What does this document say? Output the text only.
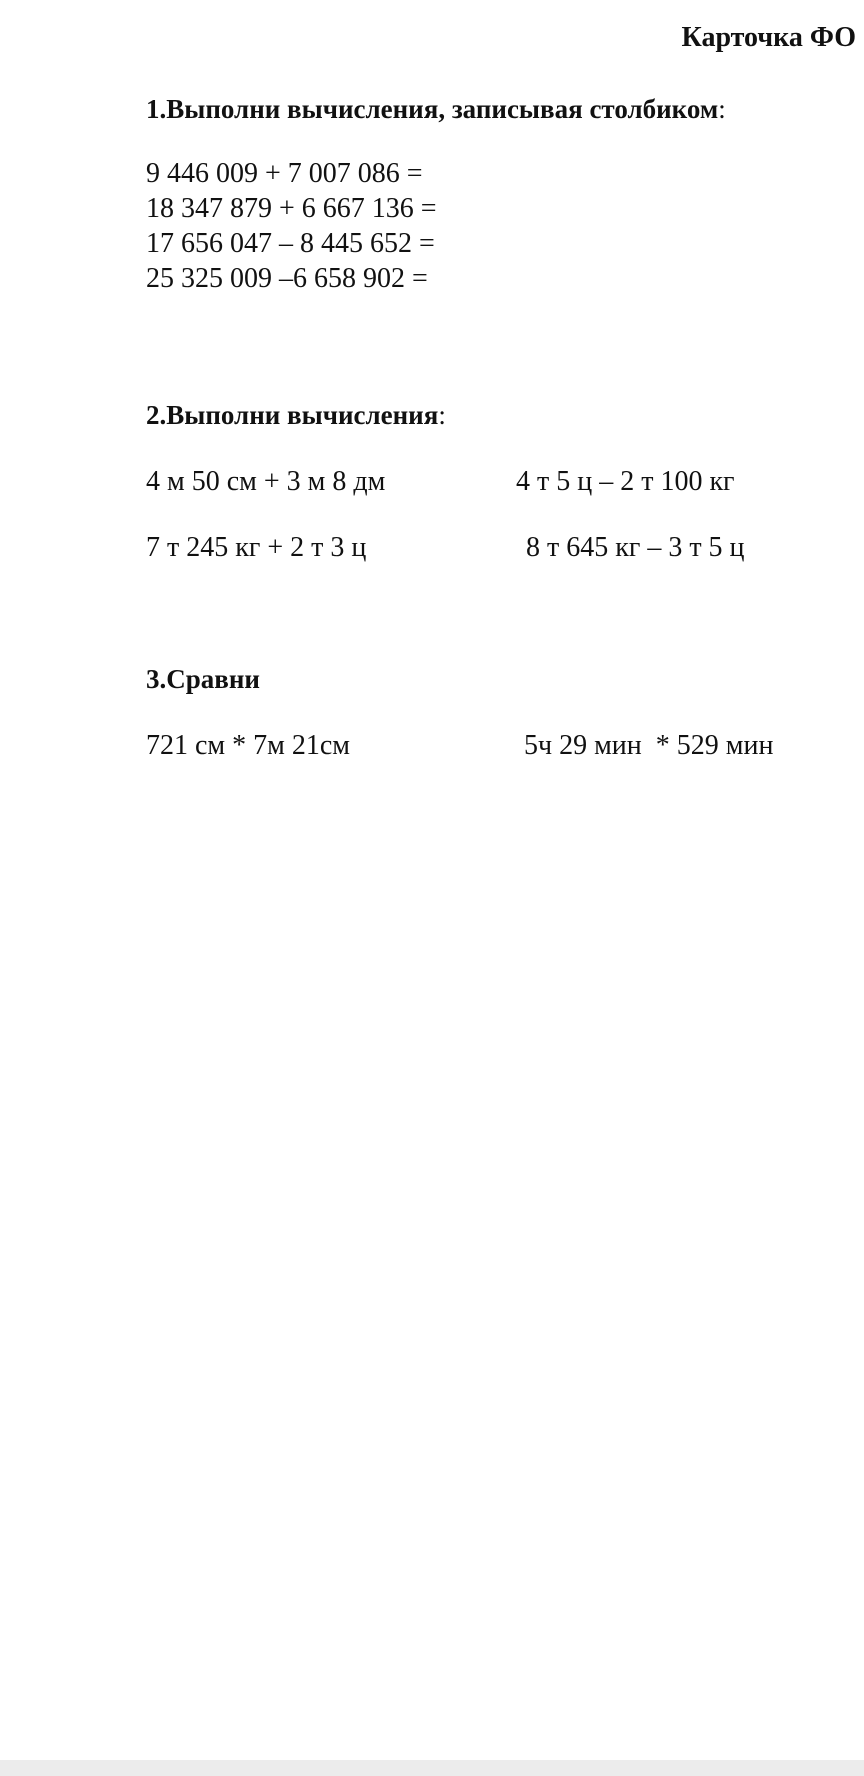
Карточка ФО
1.Выполни вычисления, записывая столбиком:
9 446 009 + 7 007 086 =
18 347 879 + 6 667 136 =
17 656 047 – 8 445 652 =
25 325 009 –6 658 902 =
2.Выполни вычисления:
4 м 50 см + 3 м 8 дм	4 т 5 ц – 2 т 100 кг
7 т 245 кг + 2 т 3 ц	8 т 645 кг – 3 т 5 ц
3.Сравни
721 см * 7м 21см	5ч 29 мин  * 529 мин
